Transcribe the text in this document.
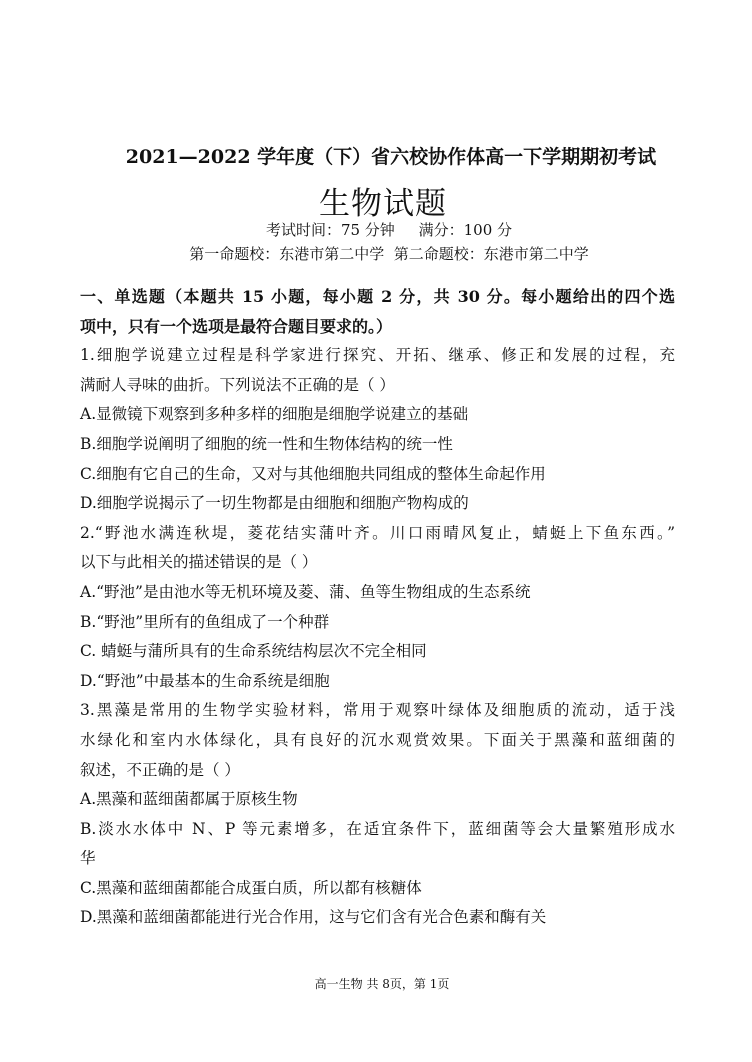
2021—2022 学年度（下）省六校协作体高一下学期期初考试
生物试题
考试时间：75 分钟     满分：100 分
第一命题校：东港市第二中学  第二命题校：东港市第二中学
一、单选题（本题共 15 小题，每小题 2 分，共 30 分。每小题给出的四个选
项中，只有一个选项是最符合题目要求的。）
1.细胞学说建立过程是科学家进行探究、开拓、继承、修正和发展的过程，充
满耐人寻味的曲折。下列说法不正确的是（ ）
A.显微镜下观察到多种多样的细胞是细胞学说建立的基础
B.细胞学说阐明了细胞的统一性和生物体结构的统一性
C.细胞有它自己的生命，又对与其他细胞共同组成的整体生命起作用
D.细胞学说揭示了一切生物都是由细胞和细胞产物构成的
2.“野池水满连秋堤，菱花结实蒲叶齐。川口雨晴风复止，蜻蜓上下鱼东西。”
以下与此相关的描述错误的是（ ）
A.“野池”是由池水等无机环境及菱、蒲、鱼等生物组成的生态系统
B.“野池”里所有的鱼组成了一个种群
C. 蜻蜓与蒲所具有的生命系统结构层次不完全相同
D.“野池”中最基本的生命系统是细胞
3.黑藻是常用的生物学实验材料，常用于观察叶绿体及细胞质的流动，适于浅
水绿化和室内水体绿化，具有良好的沉水观赏效果。下面关于黑藻和蓝细菌的
叙述，不正确的是（ ）
A.黑藻和蓝细菌都属于原核生物
B.淡水水体中 N、P 等元素增多，在适宜条件下，蓝细菌等会大量繁殖形成水
华
C.黑藻和蓝细菌都能合成蛋白质，所以都有核糖体
D.黑藻和蓝细菌都能进行光合作用，这与它们含有光合色素和酶有关
高一生物 共 8页，第 1页
